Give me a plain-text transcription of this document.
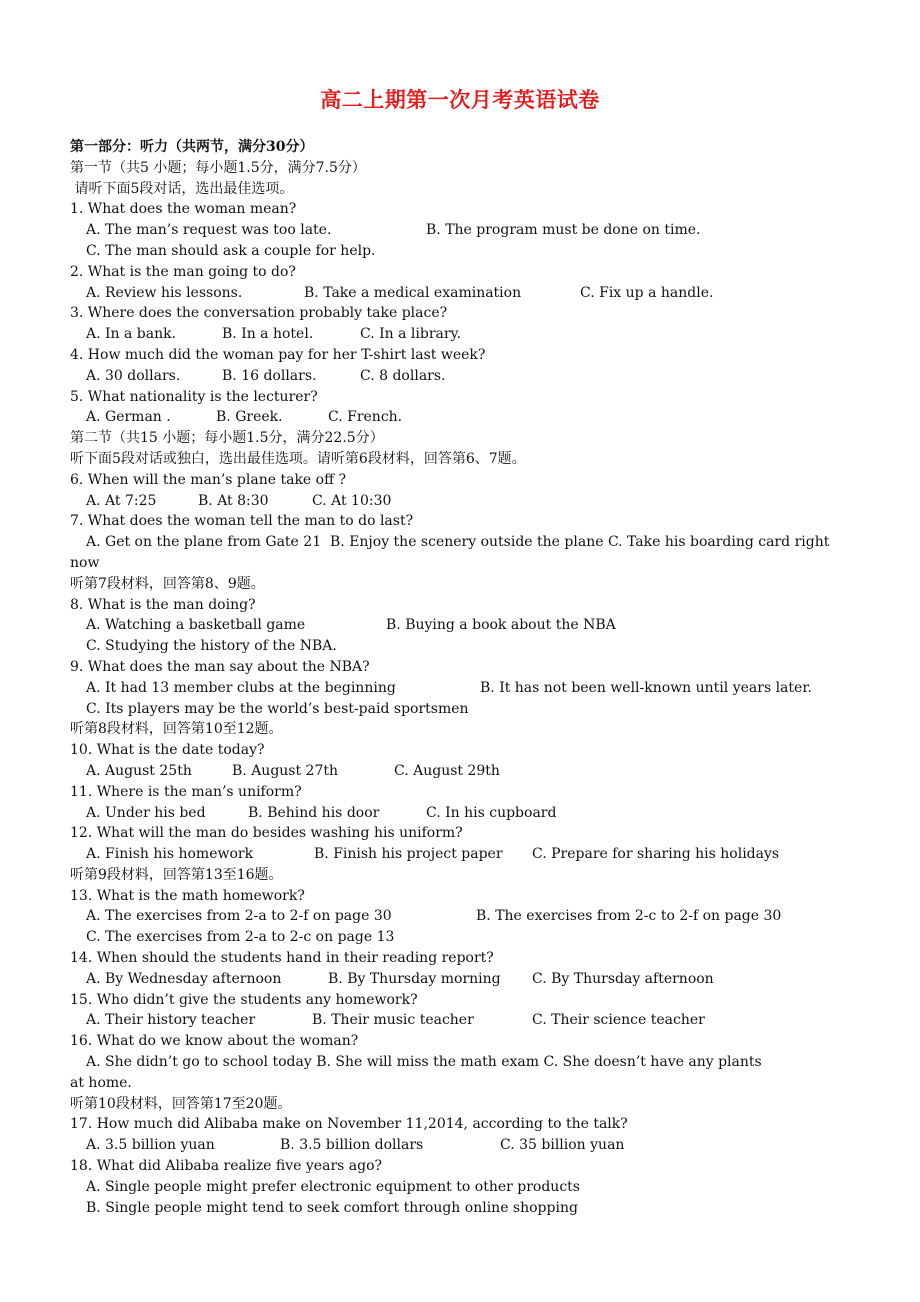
高二上期第一次月考英语试卷
第一部分：听力（共两节，满分30分）
第一节（共5 小题；每小题1.5分，满分7.5分）
请听下面5段对话，选出最佳选项。
1. What does the woman mean?
A. The man’s request was too late.	B. The program must be done on time.
C. The man should ask a couple for help.
2. What is the man going to do?
A. Review his lessons.	B. Take a medical examination	C. Fix up a handle.
3. Where does the conversation probably take place?
A. In a bank.	B. In a hotel.	C. In a library.
4. How much did the woman pay for her T-shirt last week?
A. 30 dollars.	B. 16 dollars.	C. 8 dollars.
5. What nationality is the lecturer?
A. German .	B. Greek.	C. French.
第二节（共15 小题；每小题1.5分，满分22.5分）
听下面5段对话或独白，选出最佳选项。请听第6段材料，回答第6、7题。
6. When will the man’s plane take off ?
A. At 7:25	B. At 8:30	C. At 10:30
7. What does the woman tell the man to do last?
A. Get on the plane from Gate 21  B. Enjoy the scenery outside the plane C. Take his boarding card right
now
听第7段材料，回答第8、9题。
8. What is the man doing?
A. Watching a basketball game	B. Buying a book about the NBA
C. Studying the history of the NBA.
9. What does the man say about the NBA?
A. It had 13 member clubs at the beginning	B. It has not been well-known until years later.
C. Its players may be the world’s best-paid sportsmen
听第8段材料，回答第10至12题。
10. What is the date today?
A. August 25th	B. August 27th	C. August 29th
11. Where is the man’s uniform?
A. Under his bed	B. Behind his door	C. In his cupboard
12. What will the man do besides washing his uniform?
A. Finish his homework	B. Finish his project paper	C. Prepare for sharing his holidays
听第9段材料，回答第13至16题。
13. What is the math homework?
A. The exercises from 2-a to 2-f on page 30	B. The exercises from 2-c to 2-f on page 30
C. The exercises from 2-a to 2-c on page 13
14. When should the students hand in their reading report?
A. By Wednesday afternoon	B. By Thursday morning	C. By Thursday afternoon
15. Who didn’t give the students any homework?
A. Their history teacher	B. Their music teacher	C. Their science teacher
16. What do we know about the woman?
A. She didn’t go to school today B. She will miss the math exam C. She doesn’t have any plants
at home.
听第10段材料，回答第17至20题。
17. How much did Alibaba make on November 11,2014, according to the talk?
A. 3.5 billion yuan	B. 3.5 billion dollars	C. 35 billion yuan
18. What did Alibaba realize five years ago?
A. Single people might prefer electronic equipment to other products
B. Single people might tend to seek comfort through online shopping
